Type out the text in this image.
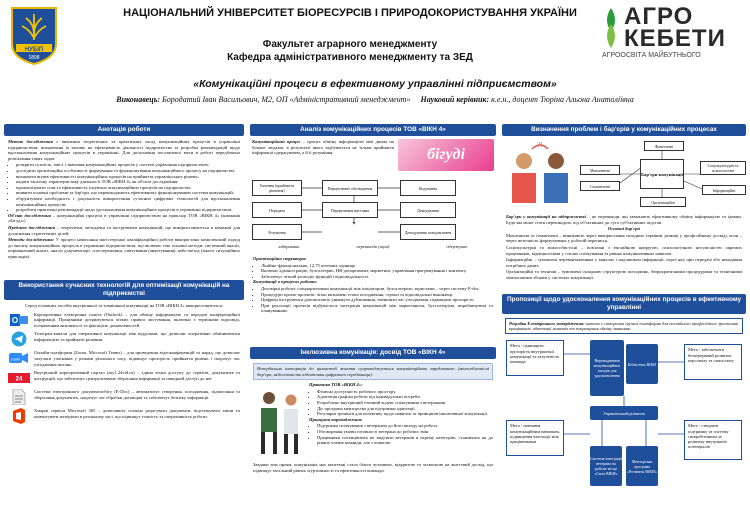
НУБіП
1898
НАЦІОНАЛЬНИЙ УНІВЕРСИТЕТ БІОРЕСУРСІВ І ПРИРОДОКОРИСТУВАННЯ УКРАЇНИ
Факультет аграрного менеджменту
Кафедра адміністративного менеджменту та ЗЕД
АГРО
КЕБЕТИ
АГРООСВІТА МАЙБУТНЬОГО
«Комунікаційні процеси в ефективному управлінні підприємством»
Виконавець: Бородатий Іван Васильович, М2, ОП «Адміністративний менеджмент» Науковий керівник: к.е.н., доцент Тюріна Альона Анатоліївна
Анотація роботи

Метою дослідження є вивчення теоретичних та практичних засад комунікаційних процесів в управлінні підприємством, визначення їх впливу на ефективність діяльності підприємства та розробка рекомендацій щодо вдосконалення комунікаційних процесів в управлінні. Для досягнення поставленої мети в роботі передбачено розв'язання таких задач:

• розкрити сутність, зміст і значення комунікаційних процесів у системі управління підприємством;
• дослідити організаційні особливості формування та функціонування комунікаційного процесу на підприємстві;
• визначити вплив ефективності комунікаційних процесів на прийняття управлінських рішень;
• надати загальну характеристику діяльності ТОВ «ВІКН 4» як об'єкта дослідження;
• проаналізувати стан та ефективність існуючих комунікаційних процесів на підприємстві;
• виявити основні проблеми та бар'єри, що перешкоджають ефективному функціонуванню системи комунікацій;
• обґрунтувати необхідність і доцільність використання сучасних цифрових технологій для вдосконалення комунікаційних процесів;
• розробити практичні рекомендації щодо удосконалення комунікаційних процесів в управлінні підприємством.

Об'єкт дослідження – комунікаційні процеси в управлінні підприємством на прикладі ТОВ «ВІКН 4» (компанія «Бігуді»)

Предмет дослідження – теоретичні, методичні та інструменти комунікацій, що використовуються в компанії для досягнення стратегічних цілей.

Методи дослідження: У процесі написання магістерської кваліфікаційної роботи використано комплексний підхід до аналізу комунікаційних процесів в управлінні підприємством, що включає такі основні методи: системний аналіз, порівняльний аналіз, аналіз документації, спостереження, опитування (анкетування), кейс-метод (аналіз ситуаційних прикладів).

Використання сучасних технологій для оптимізації комунікацій на підприємстві

Серед основних засобів внутрішньої та зовнішньої комунікації на ТОВ «ВІКН 4» використовуються:

O
Корпоративна електронна пошта (Outlook) – для обміну інформацією та передачі конфіденційної інформації. Працівники дотримуються чітких правил листування, включно з термінами відповіді, позначенням важливості та фіксацією домовленостей.
Телеграм-канали для оперативної комунікації між відділами, що дозволяє оперативно обмінюватися інформацією та приймати рішення.
zoom
Онлайн-платформи (Zoom, Microsoft Teams) – для проведення відеоконференцій та нарад, що дозволяє залучати учасників у режимі реального часу, підвищує прозорість прийняття рішень і скорочує час узгодження питань.
24
Внутрішній корпоративний портал (my1.24vid.ru) – єдина точка доступу до сервісів, документів та інструкцій, що забезпечує централізоване зберігання інформації та швидкий доступ до неї.
Система електронного документообігу (E-Doc) – автоматизує створення, погодження, підписання та зберігання документів, скорочує час обробки договорів та забезпечує безпеку інформації.
Хмарні сервіси Microsoft 365 – дозволяють спільно редагувати документи, відстежувати зміни та коментувати матеріали в реальному часі, що підвищує точність та оперативність роботи.
Аналіз комунікаційних процесів ТОВ «ВІКН 4»
Комунікаційний процес – процес обміну інформацією між двома чи більше людьми, в результаті якого відбувається не тільки прийняття інформації одержувачем, а й її розуміння.	бігуді
Бачення (прийняття рішення)	Перцептивне обговорення	Кодування
Передача	Перцептивна виставка	Декодування
Розуміння	Декодування повідомлення
відправник	перешкоди (шум)	одержувач

Організаційна структура:

• Лінійно-функціональна, 12,75 штатних одиниць.
• Включає адміністрацію, бухгалтерію, HR-департамент, маркетинг, управління програмування і контенту.
• Забезпечує чіткий розподіл функцій і відповідальності.

Комунікації в процесах роботи:

• Договірні роботи: стандартизовані комунікації між ініціатором, бухгалтерією, юристами – через систему E-doc.
• Процедури промо-проектів: чітко визначені етапи погодження, строки та відповідальні виконавці.
• Цифрові інструменти допомогають уникнути дублювання, зменшити час узгодження, підвищити прозорість.
• При реалізації проектів відбувається інтеграція комунікацій між маркетингом, бухгалтерією, виробництвом та плануванням.
Інклюзивна комунікація: досвід ТОВ «ВІКН 4»
Невербальна інтеграція до цінностей життя супроводжується комунікаційною трудовиною (мінособистісні бар'єри, недоліченість підготовки цифрового середовища).

Практика ТОВ «ВІКН 4»:

• Фізична доступність робочого простору
• Адаптація графіка роботи під індивідуальні потреби
• Розроблено внутрішній етичний кодекс спілкування з ветеранами
• Діє програма менторства для підтримки адаптації.
• Регулярні тренінги для колективу щодо навичок та принципів інклюзивної комунікації.

Принципи впровадження:

• Підтримка спілкування з ветераном до його виходу на роботу
• Обговорення умови готовності ветерана до робочих змін
• Працівники потенціюють не виділяти ветеранів в окрему категорію, ставлячись як до рівних членів команди, але з повагою.
Завдяки тим проям, комунікація має контемні стала більш чутливою, відкритою та засвоєною на життєвий досвід, що підвищує загальний рівень згуртованості та ефективності команди.
Визначення проблем і бар'єрів у комунікаційних процесах
?!	Фонетичні
Мовленнєві
Соціокультурні та психологічні
Семантичні
Інформаційні
Організаційні
Бар'єри комунікації

Бар'єри у комунікації на підприємстві – це перешкоди, які заважають ефективному обміну інформацією та ідеями. Будь-які може стати перешкодою, від об'єктивних до суто суб'єктивних підстав.

Основні бар'єри

Мовленнєві та семантичні – виникають через використання складних термінів, різниці у професійному досвіді, коли – через неточність формулювань у робочій переписці.

Соціокультурні та міжособистісні – пов'язані з емоційною напругою, психологічною несумісністю окремих працівників, відмінностями у стилях спілкування та рівнях комунікативних навичок.

Інформаційні – зумовлені перевантаженням у каналах і надлишком інформації, через яку при передачі або ненадання потрібних даних.

Організаційні та технічні – зумовлені складною структурою погоджень, бюрократичними процедурами та технічними тимчасовими збоями у системах комунікації.

Пропозиції щодо удосконалення комунікаційних процесів в ефективному управлінні
Розробка Електронного утвердження: автомо є створення гнучкої платформи для постійного професійного зростання працівників, адаптації новачків та покращення обміну знаннями.
Мета - підвищити прозорість внутрішньої комунікації та залученість команди
Мета - навчання комунікаційним навичкам, підвищення взаємодії між працівниками
Мета - забезпечити безперервний розвиток персоналу та самоосвіту
Мета - створити підтримку та систему співробітникам за розвитку внутрішніх потенціалів
Впровадження комунікаційних заходів для удосконалення
Бібліотека ВІКН
Управлінський розвиток
Система інтеграції ветерана на робоче місце «Сила ВІКН»
Менторська програма «Розвиток ВІКН»
